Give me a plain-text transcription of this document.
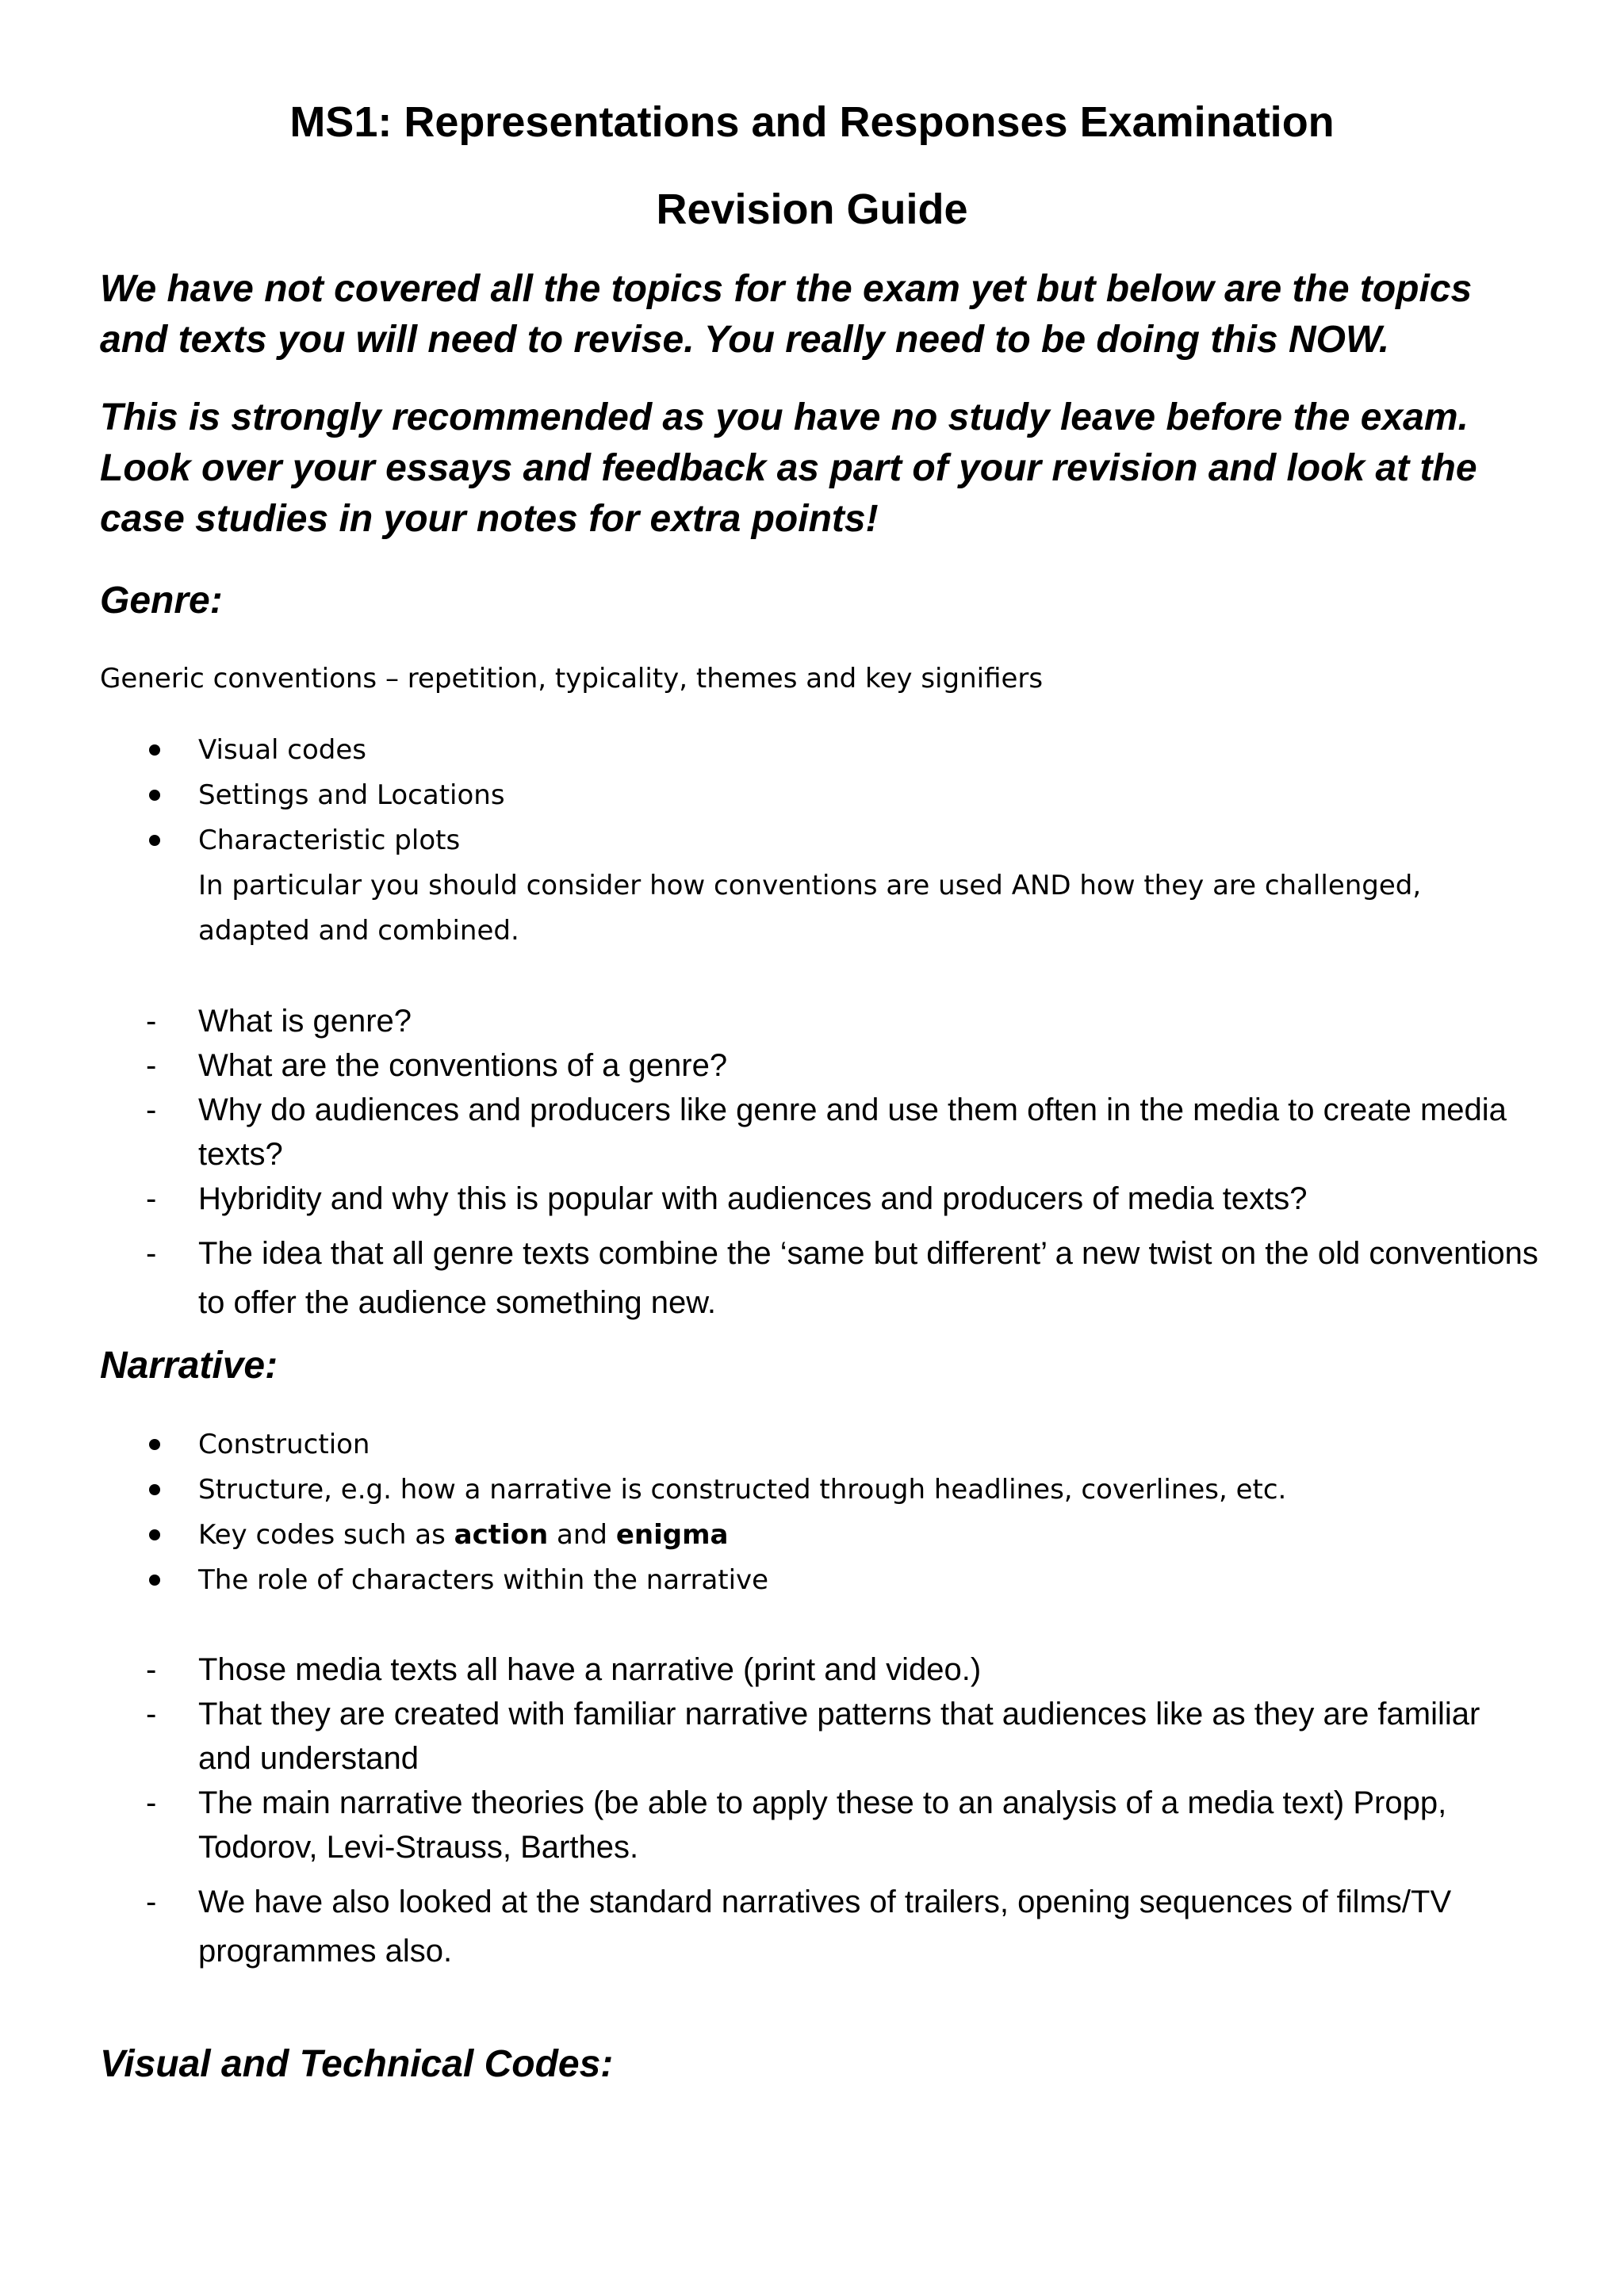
MS1: Representations and Responses Examination
Revision Guide
We have not covered all the topics for the exam yet but below are the topics and texts you will need to revise. You really need to be doing this NOW.
This is strongly recommended as you have no study leave before the exam. Look over your essays and feedback as part of your revision and look at the case studies in your notes for extra points!
Genre:
Generic conventions – repetition, typicality, themes and key signifiers
Visual codes
Settings and Locations
Characteristic plots
In particular you should consider how conventions are used AND how they are challenged, adapted and combined.
- What is genre?
- What are the conventions of a genre?
- Why do audiences and producers like genre and use them often in the media to create media texts?
- Hybridity and why this is popular with audiences and producers of media texts?
- The idea that all genre texts combine the ‘same but different’ a new twist on the old conventions to offer the audience something new.
Narrative:
Construction
Structure, e.g. how a narrative is constructed through headlines, coverlines, etc.
Key codes such as action and enigma
The role of characters within the narrative
- Those media texts all have a narrative (print and video.)
- That they are created with familiar narrative patterns that audiences like as they are familiar and understand
- The main narrative theories (be able to apply these to an analysis of a media text) Propp, Todorov, Levi-Strauss, Barthes.
- We have also looked at the standard narratives of trailers, opening sequences of films/TV programmes also.
Visual and Technical Codes:
